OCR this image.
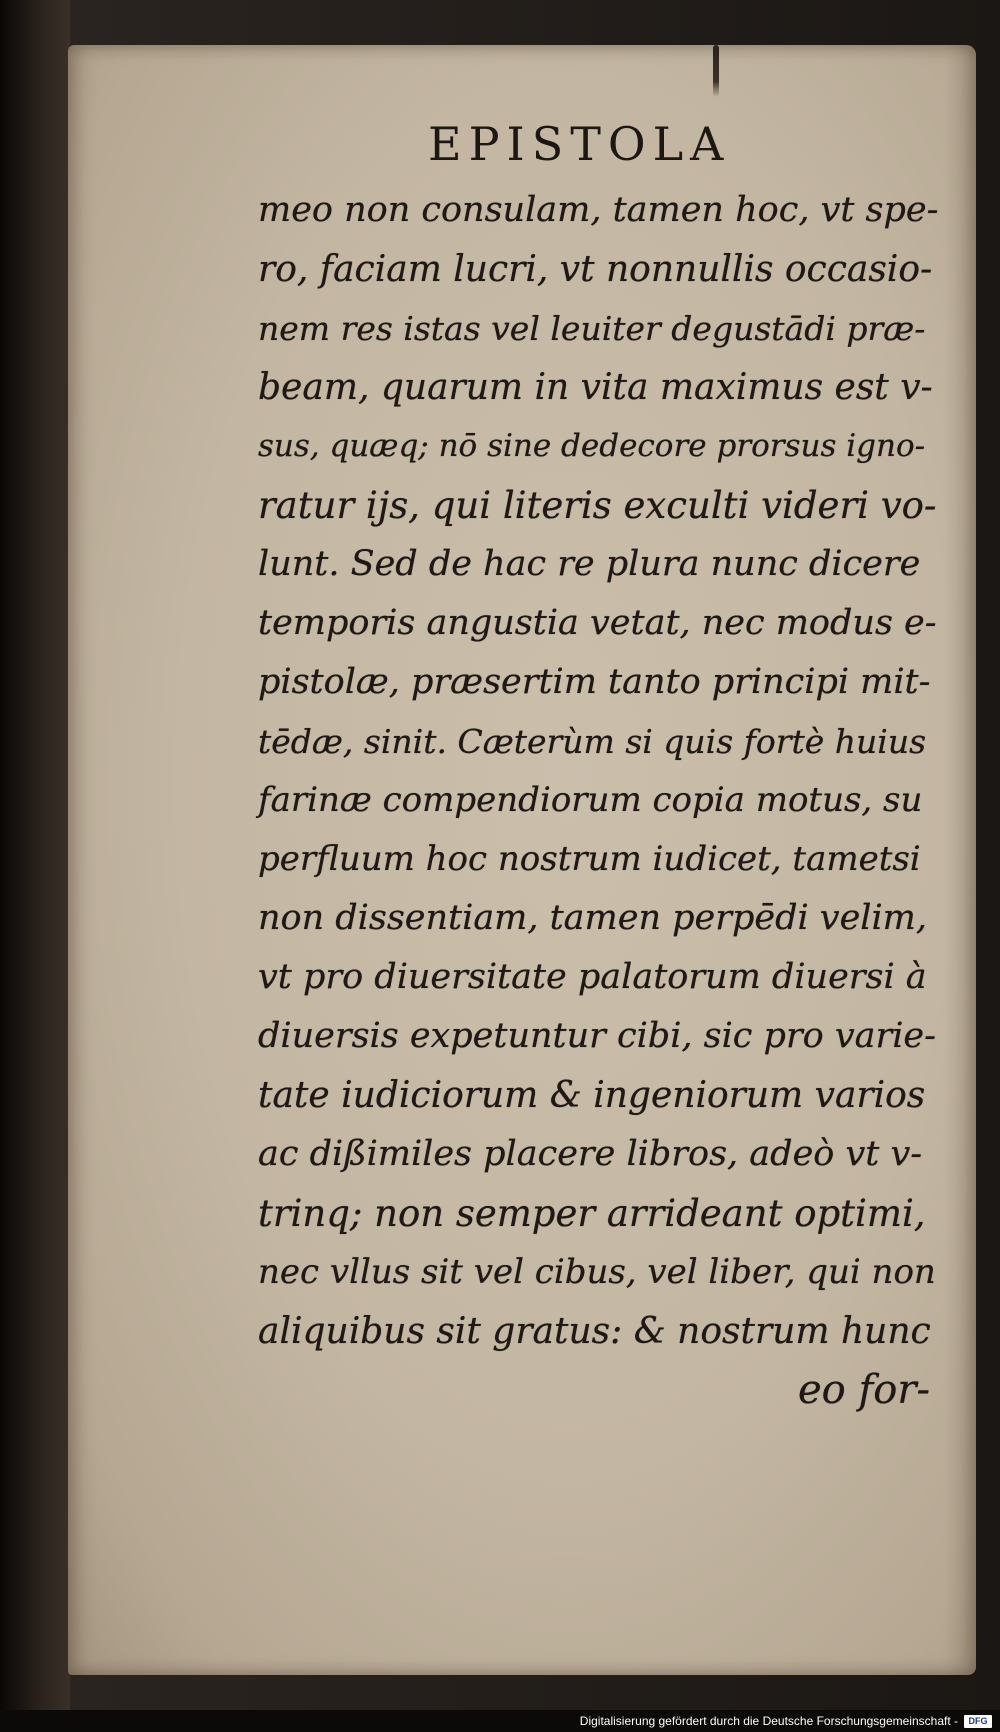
EPISTOLA
meo non consulam, tamen hoc, vt spe-
ro, faciam lucri, vt nonnullis occasio-
nem res istas vel leuiter degustādi præ-
beam, quarum in vita maximus est v-
sus, quæq; nō sine dedecore prorsus igno-
ratur ijs, qui literis exculti videri vo-
lunt. Sed de hac re plura nunc dicere
temporis angustia vetat, nec modus e-
pistolæ, præsertim tanto principi mit-
tēdæ, sinit. Cæterùm si quis fortè huius
farinæ compendiorum copia motus, su
perfluum hoc nostrum iudicet, tametsi
non dissentiam, tamen perpēdi velim,
vt pro diuersitate palatorum diuersi à
diuersis expetuntur cibi, sic pro varie-
tate iudiciorum & ingeniorum varios
ac dißimiles placere libros, adeò vt v-
trinq; non semper arrideant optimi,
nec vllus sit vel cibus, vel liber, qui non
aliquibus sit gratus: & nostrum hunc
eo for-
Digitalisierung gefördert durch die Deutsche Forschungsgemeinschaft -	DFG
